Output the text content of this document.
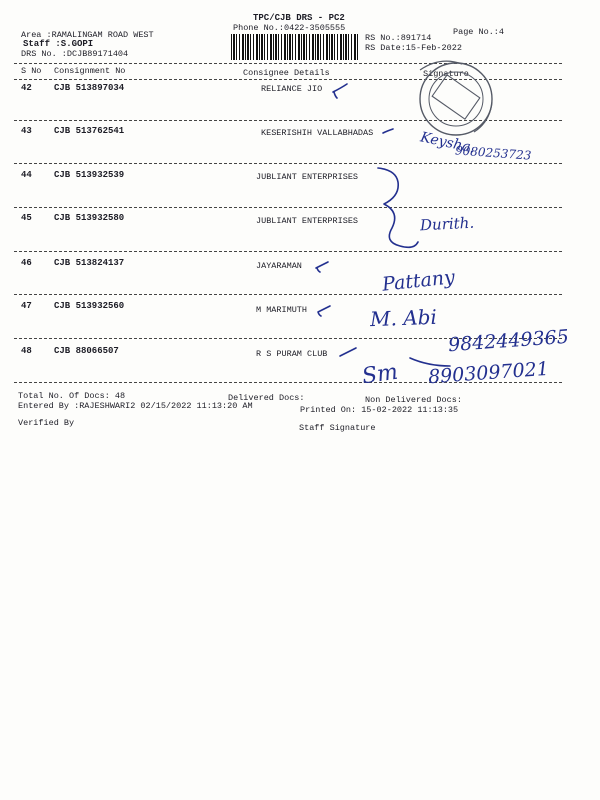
TPC/CJB DRS - PC2
Phone No.:0422-3505555	Page No.:4
Area :RAMALINGAM ROAD WEST
Staff :S.GOPI
DRS No. :DCJB89171404
RS No.:891714
RS Date:15-Feb-2022
S No Consignment No	Consignee Details	Signature
42 CJB 513897034	RELIANCE JIO
43 CJB 513762541	KESERISHIH VALLABHADAS
44 CJB 513932539	JUBLIANT ENTERPRISES
45 CJB 513932580	JUBLIANT ENTERPRISES
46 CJB 513824137	JAYARAMAN
47 CJB 513932560	M MARIMUTH
48 CJB 88066507	R S PURAM CLUB
Total No. Of Docs: 48	Delivered Docs:	Non Delivered Docs:
Entered By :RAJESHWARI2 02/15/2022 11:13:20 AM	Printed On: 15-02-2022 11:13:35
Verified By	Staff Signature
Keysha.
9080253723
Durith.
Pattany
M. Abi
9842449365
Sm 8903097021
